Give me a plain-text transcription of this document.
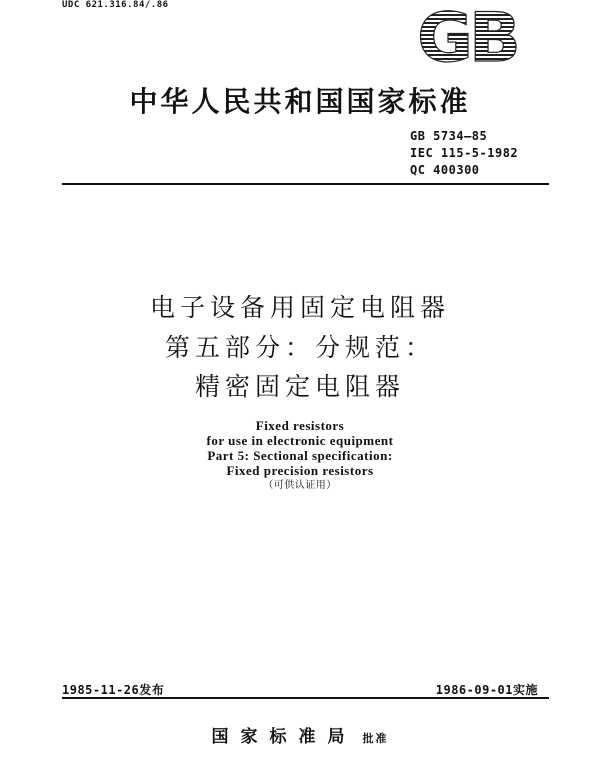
UDC 621.316.84/.86	GB
中华人民共和国国家标准
GB 5734—85
IEC 115-5-1982
QC 400300
电子设备用固定电阻器
第五部分：分规范：
精密固定电阻器
Fixed resistors
for use in electronic equipment
Part 5: Sectional specification:
Fixed precision resistors
（可供认证用）
1985-11-26发布	1986-09-01实施
国家标准局 批准
